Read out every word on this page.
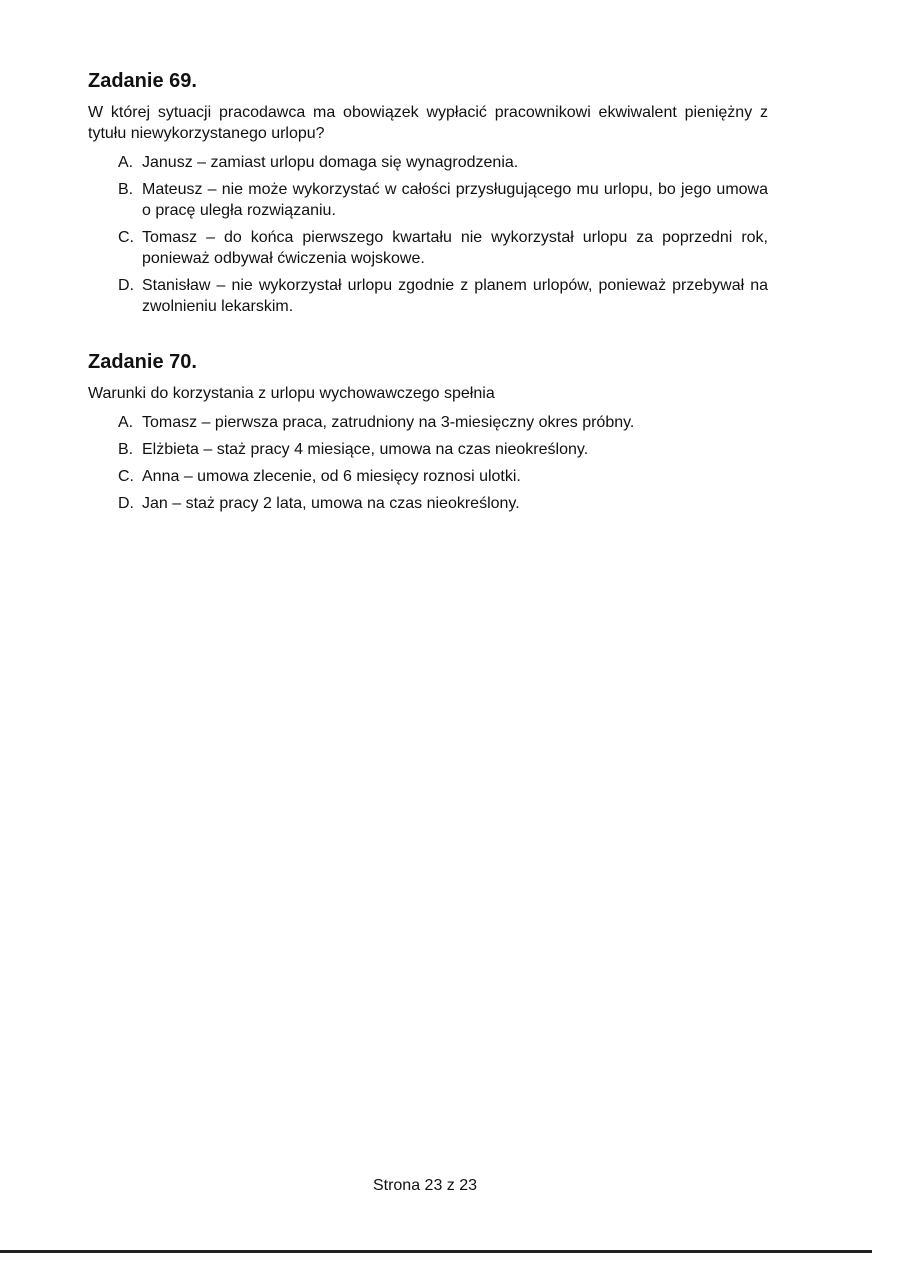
Zadanie 69.

W której sytuacji pracodawca ma obowiązek wypłacić pracownikowi ekwiwalent pieniężny z tytułu niewykorzystanego urlopu?

A. Janusz – zamiast urlopu domaga się wynagrodzenia.
B. Mateusz – nie może wykorzystać w całości przysługującego mu urlopu, bo jego umowa o pracę uległa rozwiązaniu.
C. Tomasz – do końca pierwszego kwartału nie wykorzystał urlopu za poprzedni rok, ponieważ odbywał ćwiczenia wojskowe.
D. Stanisław – nie wykorzystał urlopu zgodnie z planem urlopów, ponieważ przebywał na zwolnieniu lekarskim.
Zadanie 70.

Warunki do korzystania z urlopu wychowawczego spełnia

A. Tomasz – pierwsza praca, zatrudniony na 3-miesięczny okres próbny.
B. Elżbieta – staż pracy 4 miesiące, umowa na czas nieokreślony.
C. Anna – umowa zlecenie, od 6 miesięcy roznosi ulotki.
D. Jan – staż pracy 2 lata, umowa na czas nieokreślony.
Strona 23 z 23
